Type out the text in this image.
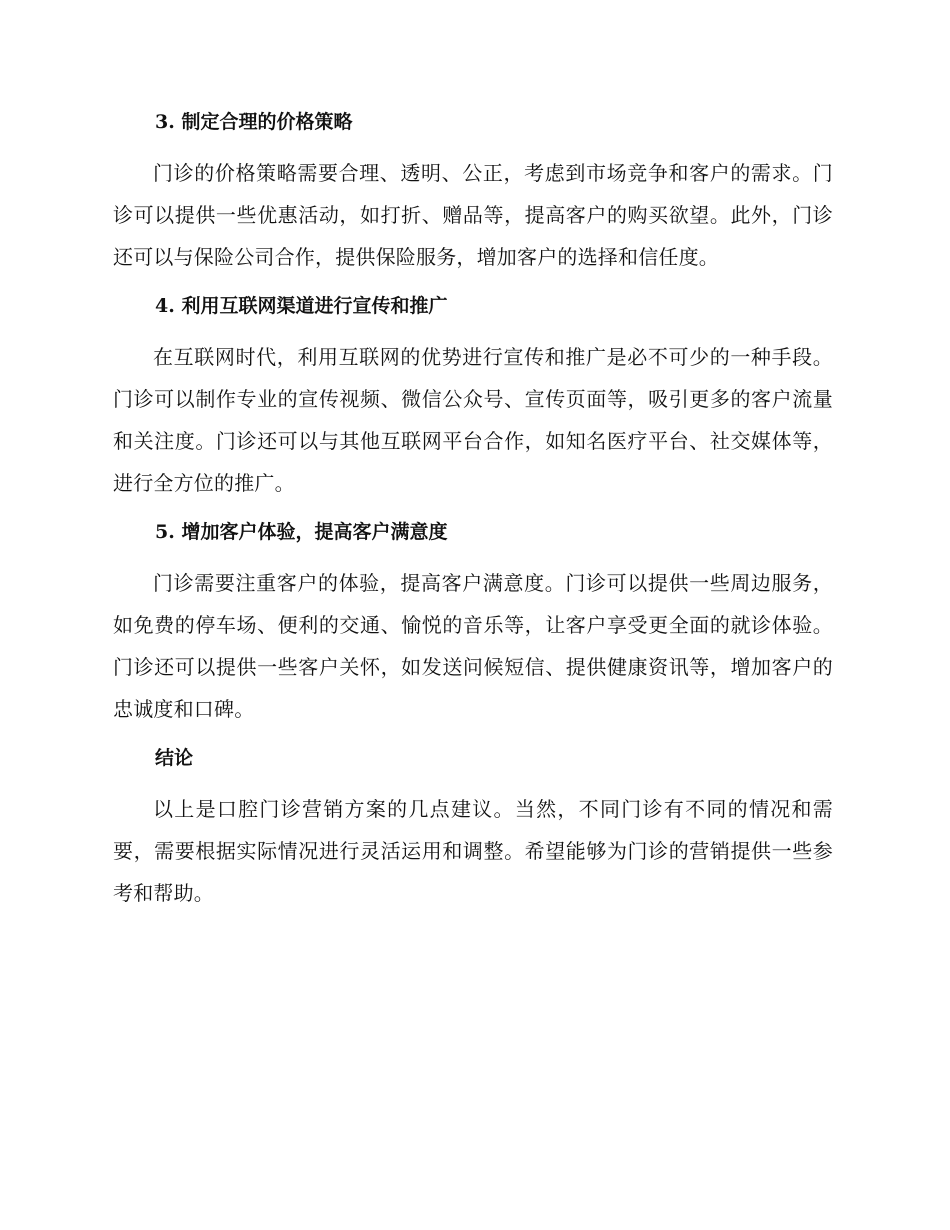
3. 制定合理的价格策略

门诊的价格策略需要合理、透明、公正，考虑到市场竞争和客户的需求。门诊可以提供一些优惠活动，如打折、赠品等，提高客户的购买欲望。此外，门诊还可以与保险公司合作，提供保险服务，增加客户的选择和信任度。

4. 利用互联网渠道进行宣传和推广

在互联网时代，利用互联网的优势进行宣传和推广是必不可少的一种手段。门诊可以制作专业的宣传视频、微信公众号、宣传页面等，吸引更多的客户流量和关注度。门诊还可以与其他互联网平台合作，如知名医疗平台、社交媒体等，进行全方位的推广。

5. 增加客户体验，提高客户满意度

门诊需要注重客户的体验，提高客户满意度。门诊可以提供一些周边服务，如免费的停车场、便利的交通、愉悦的音乐等，让客户享受更全面的就诊体验。门诊还可以提供一些客户关怀，如发送问候短信、提供健康资讯等，增加客户的忠诚度和口碑。

结论

以上是口腔门诊营销方案的几点建议。当然，不同门诊有不同的情况和需要，需要根据实际情况进行灵活运用和调整。希望能够为门诊的营销提供一些参考和帮助。
